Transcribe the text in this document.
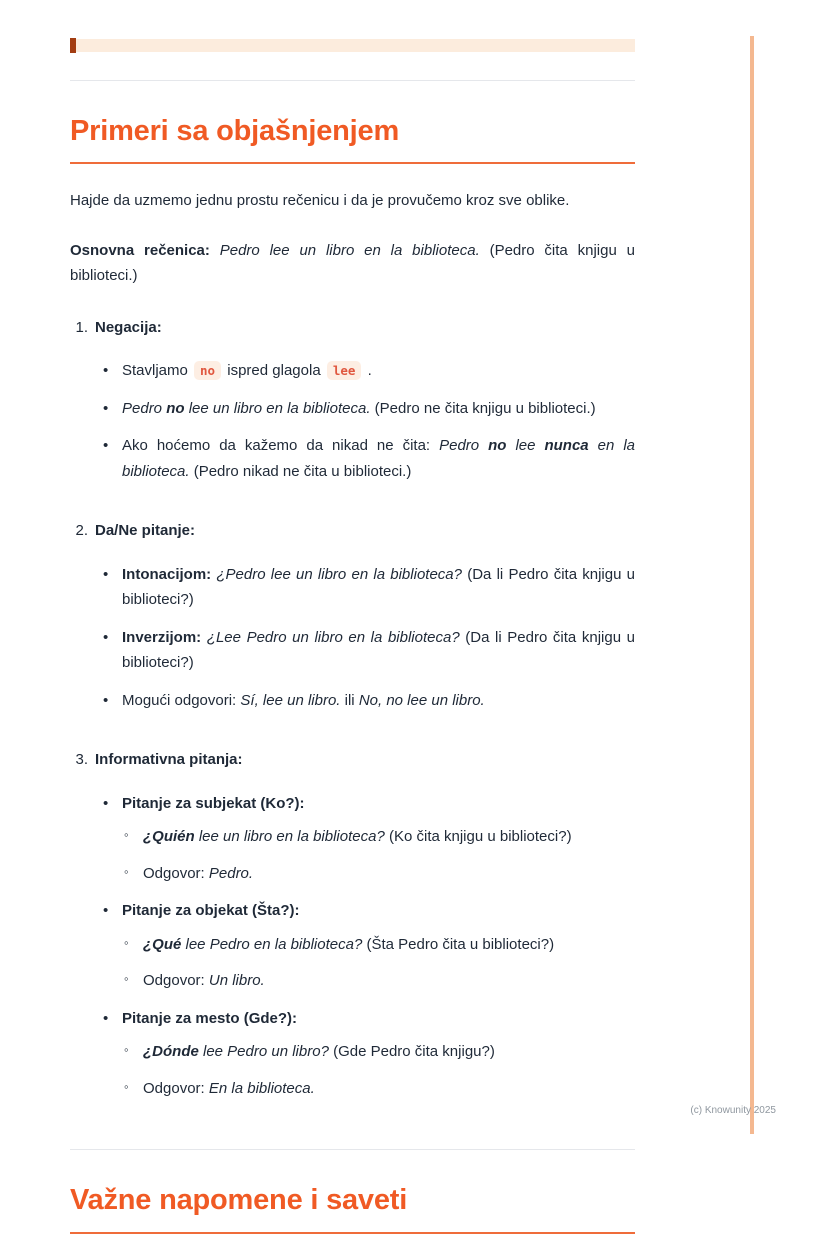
Primeri sa objašnjenjem

Hajde da uzmemo jednu prostu rečenicu i da je provučemo kroz sve oblike.

Osnovna rečenica: Pedro lee un libro en la biblioteca. (Pedro čita knjigu u biblioteci.)

1. Negacija:
• Stavljamo no ispred glagola lee .
• Pedro no lee un libro en la biblioteca. (Pedro ne čita knjigu u biblioteci.)
• Ako hoćemo da kažemo da nikad ne čita: Pedro no lee nunca en la biblioteca. (Pedro nikad ne čita u biblioteci.)
2. Da/Ne pitanje:
• Intonacijom: ¿Pedro lee un libro en la biblioteca? (Da li Pedro čita knjigu u biblioteci?)
• Inverzijom: ¿Lee Pedro un libro en la biblioteca? (Da li Pedro čita knjigu u biblioteci?)
• Mogući odgovori: Sí, lee un libro. ili No, no lee un libro.
3. Informativna pitanja:
• Pitanje za subjekat (Ko?):
◦ ¿Quién lee un libro en la biblioteca? (Ko čita knjigu u biblioteci?)
◦ Odgovor: Pedro.
• Pitanje za objekat (Šta?):
◦ ¿Qué lee Pedro en la biblioteca? (Šta Pedro čita u biblioteci?)
◦ Odgovor: Un libro.
• Pitanje za mesto (Gde?):
◦ ¿Dónde lee Pedro un libro? (Gde Pedro čita knjigu?)
◦ Odgovor: En la biblioteca.
Važne napomene i saveti
(c) Knowunity 2025
